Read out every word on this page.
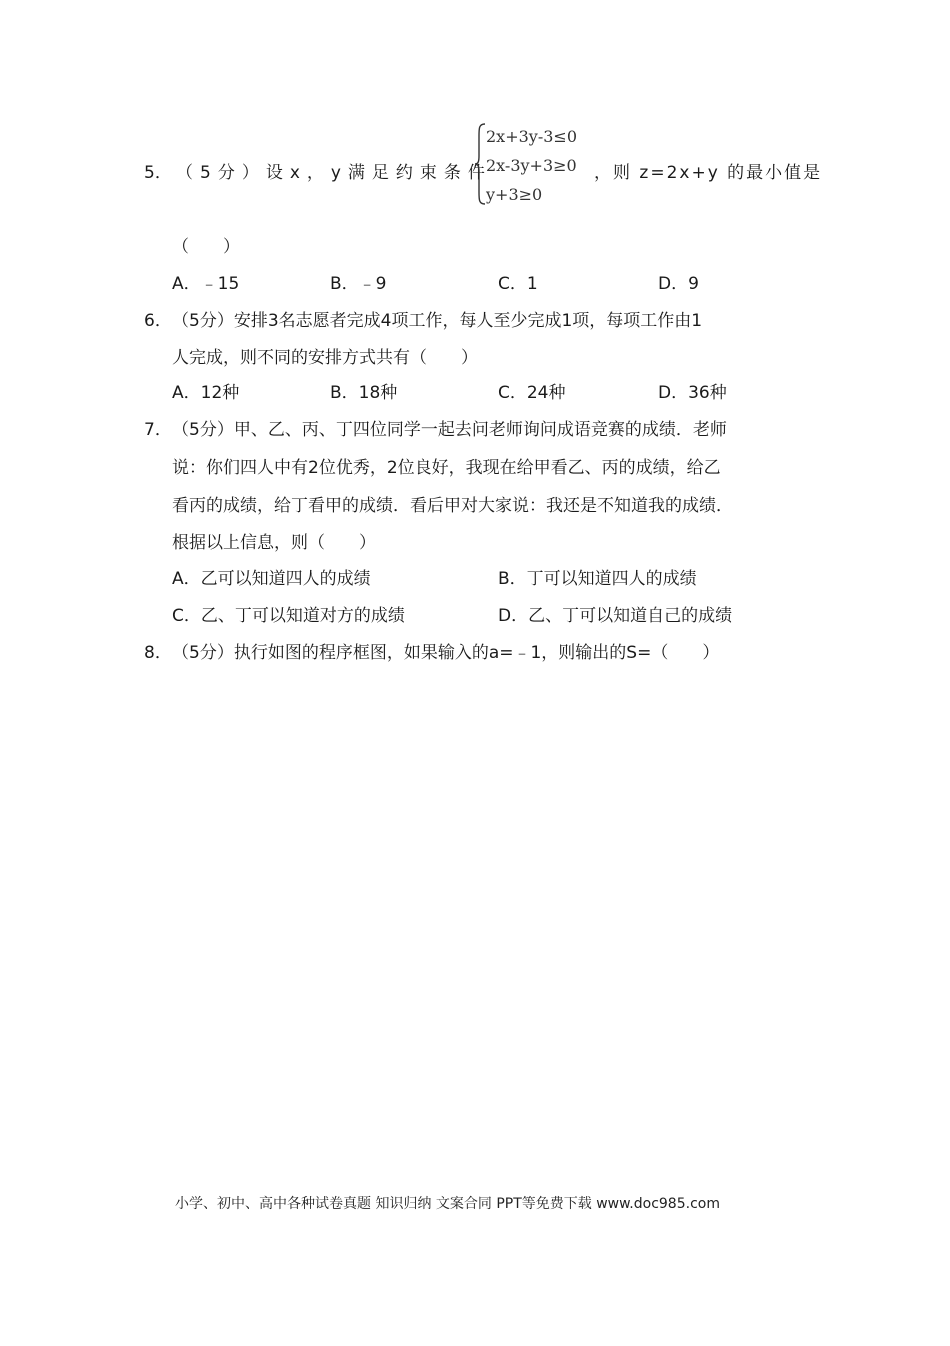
5． （5分）设x，y满足约束条件
2x+3y-3≤0
2x-3y+3≥0
y+3≥0
，则 z=2x+y 的最小值是
（　　）
A．﹣15	B．﹣9	C．1	D．9
6． （5分）安排3名志愿者完成4项工作，每人至少完成1项，每项工作由1
人完成，则不同的安排方式共有（　　）
A．12种	B．18种	C．24种	D．36种
7． （5分）甲、乙、丙、丁四位同学一起去问老师询问成语竞赛的成绩．老师
说：你们四人中有2位优秀，2位良好，我现在给甲看乙、丙的成绩，给乙
看丙的成绩，给丁看甲的成绩．看后甲对大家说：我还是不知道我的成绩．
根据以上信息，则（　　）
A．乙可以知道四人的成绩	B．丁可以知道四人的成绩
C．乙、丁可以知道对方的成绩	D．乙、丁可以知道自己的成绩
8． （5分）执行如图的程序框图，如果输入的a=﹣1，则输出的S=（　　）
小学、初中、高中各种试卷真题 知识归纳 文案合同 PPT等免费下载 www.doc985.com
